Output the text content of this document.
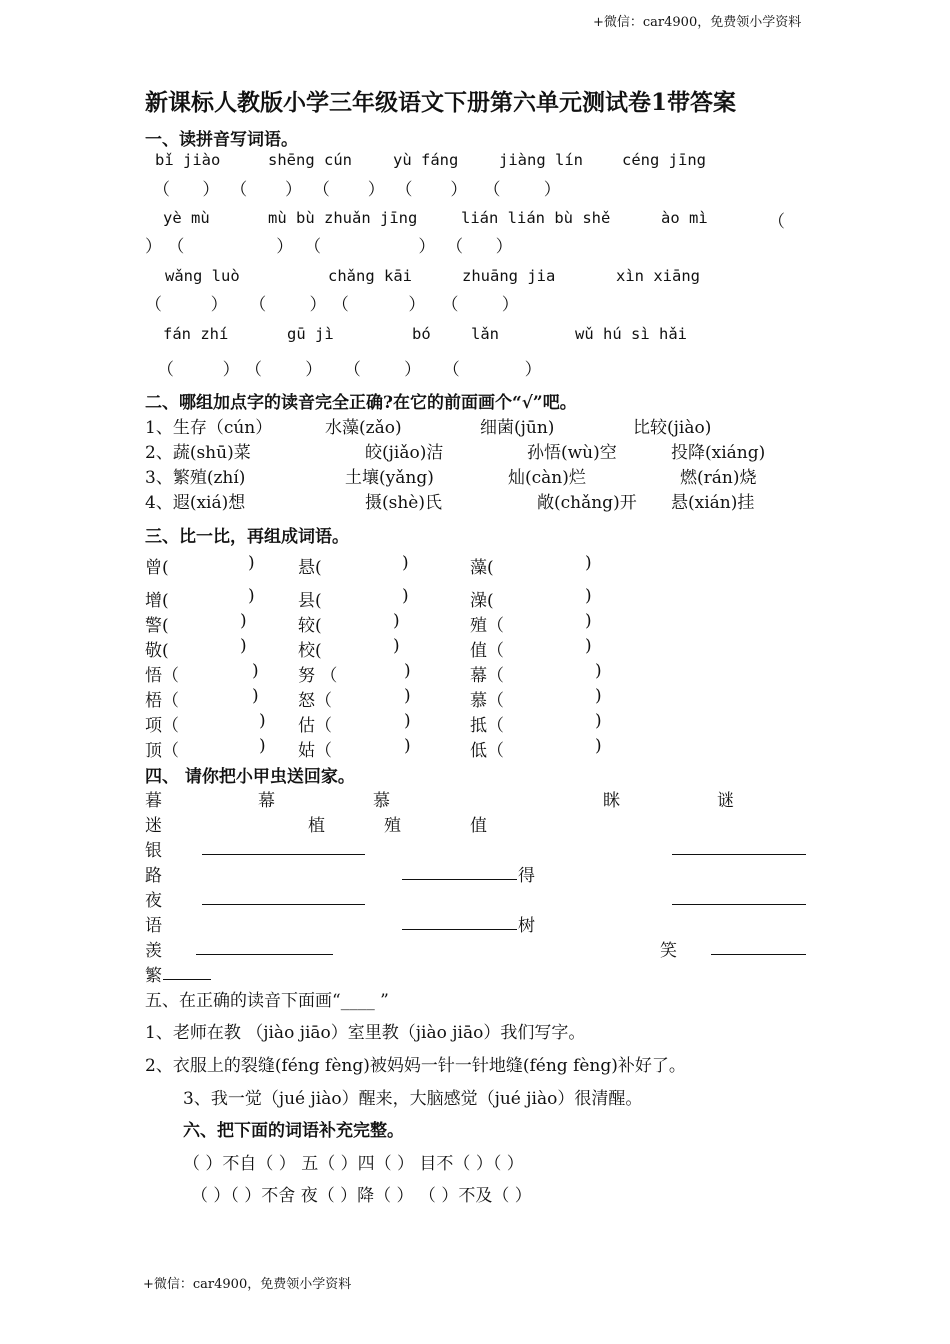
+微信：car4900，免费领小学资料
+微信：car4900，免费领小学资料
新课标人教版小学三年级语文下册第六单元测试卷1带答案
一、读拼音写词语。
bǐ jiào	shēng cún	yù fáng	jiàng lín	céng jīng
（      ）  （       ）  （       ）  （       ）   （        ）
yè mù	mù bù zhuǎn jīng	lián lián bù shě	ào mì	（
） （                 ）  （                  ）  （      ）
wǎng luò	chǎng kāi	zhuāng jia	xìn xiāng
（         ）    （        ） （           ）   （        ）
fán zhí	gū jì	bó	lǎn	wǔ hú sì hǎi
（         ） （        ）    （        ）    （            ）
二、哪组加点字的读音完全正确?在它的前面画个“√”吧。
1、生存（cún）	水藻(zǎo)	细菌(jūn)	比较(jiào)
2、蔬(shū)菜	皎(jiǎo)洁	孙悟(wù)空	投降(xiáng)
3、繁殖(zhí)	土壤(yǎng)	灿(càn)烂	燃(rán)烧
4、遐(xiá)想	摄(shè)氏	敞(chǎng)开 悬(xián)挂
三、比一比，再组成词语。
曾(	)	悬(	)	藻(	)
增(	)	县(	)	澡(	)
警(	)	较(	)	殖（	)
敬(	)	校(	)	值（	)
悟（	) 努 （	)	幕（	)
梧（	) 怒（	)	慕（	)
项（	) 估（	)	抵（	)
顶（	) 姑（	)	低（	)
四、 请你把小甲虫送回家。
暮	幕	慕	眯	谜
迷	植	殖	值
银
路	得
夜
语	树
羡	笑
繁
五、在正确的读音下面画“____ ”
1、老师在教 （jiào jiāo）室里教（jiào jiāo）我们写字。
2、衣服上的裂缝(féng fèng)被妈妈一针一针地缝(féng fèng)补好了。
3、我一觉（jué jiào）醒来，大脑感觉（jué jiào）很清醒。
六、把下面的词语补充完整。
（ ）不自（ ） 五（ ）四（ ） 目不（ ）（ ）
（ ）（ ）不舍 夜（ ）降（ ） （ ）不及（ ）
